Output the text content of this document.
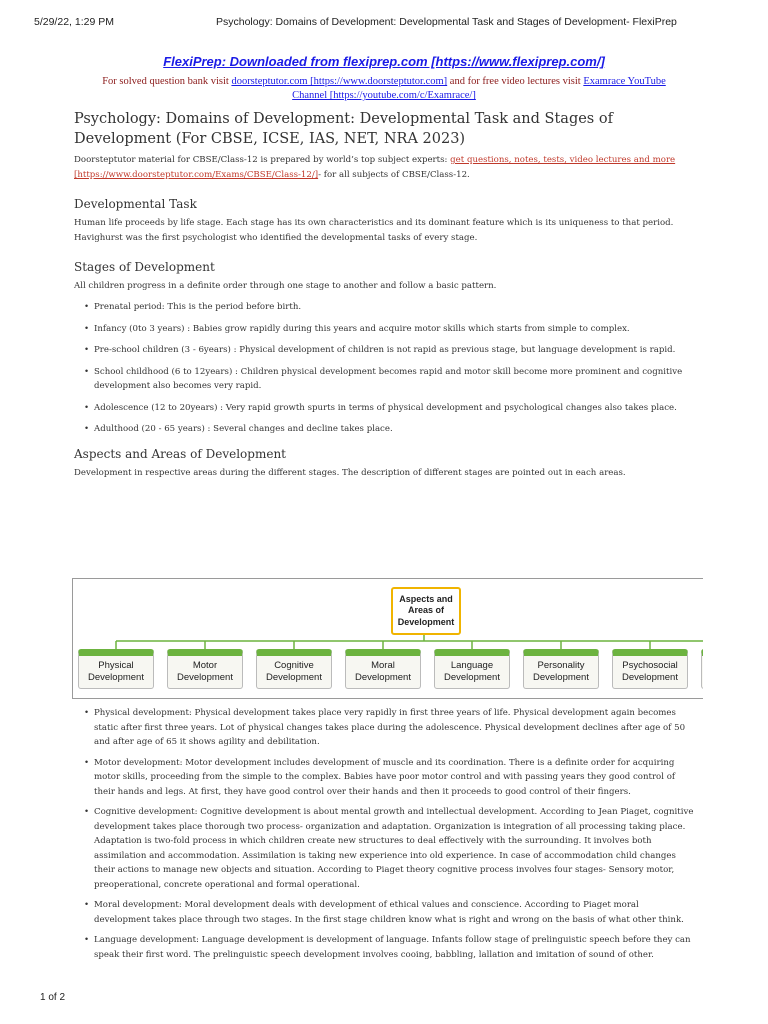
5/29/22, 1:29 PM	Psychology: Domains of Development: Developmental Task and Stages of Development- FlexiPrep
FlexiPrep: Downloaded from flexiprep.com [https://www.flexiprep.com/]
For solved question bank visit doorsteptutor.com [https://www.doorsteptutor.com] and for free video lectures visit Examrace YouTube
Channel [https://youtube.com/c/Examrace/]
Psychology: Domains of Development: Developmental Task and Stages of Development (For CBSE, ICSE, IAS, NET, NRA 2023)

Doorsteptutor material for CBSE/Class-12 is prepared by world’s top subject experts: get questions, notes, tests, video lectures and more
[https://www.doorsteptutor.com/Exams/CBSE/Class-12/]- for all subjects of CBSE/Class-12.

Developmental Task

Human life proceeds by life stage. Each stage has its own characteristics and its dominant feature which is its uniqueness to that period. Havighurst was the first psychologist who identified the developmental tasks of every stage.

Stages of Development

All children progress in a definite order through one stage to another and follow a basic pattern.

• Prenatal period: This is the period before birth.
• Infancy (0to 3 years) : Babies grow rapidly during this years and acquire motor skills which starts from simple to complex.
• Pre-school children (3 - 6years) : Physical development of children is not rapid as previous stage, but language development is rapid.
• School childhood (6 to 12years) : Children physical development becomes rapid and motor skill become more prominent and cognitive development also becomes very rapid.
• Adolescence (12 to 20years) : Very rapid growth spurts in terms of physical development and psychological changes also takes place.
• Adulthood (20 - 65 years) : Several changes and decline takes place.
Aspects and Areas of Development

Development in respective areas during the different stages. The description of different stages are pointed out in each areas.

Aspects and
Areas of
Development
Physical
Development
Motor
Development
Cognitive
Development
Moral
Development
Language
Development
Personality
Development
Psychosocial
Development
• Physical development: Physical development takes place very rapidly in first three years of life. Physical development again becomes static after first three years. Lot of physical changes takes place during the adolescence. Physical development declines after age of 50 and after age of 65 it shows agility and debilitation.
• Motor development: Motor development includes development of muscle and its coordination. There is a definite order for acquiring motor skills, proceeding from the simple to the complex. Babies have poor motor control and with passing years they good control of their hands and legs. At first, they have good control over their hands and then it proceeds to good control of their fingers.
• Cognitive development: Cognitive development is about mental growth and intellectual development. According to Jean Piaget, cognitive development takes place thorough two process- organization and adaptation. Organization is integration of all processing taking place. Adaptation is two-fold process in which children create new structures to deal effectively with the surrounding. It involves both assimilation and accommodation. Assimilation is taking new experience into old experience. In case of accommodation child changes their actions to manage new objects and situation. According to Piaget theory cognitive process involves four stages- Sensory motor, preoperational, concrete operational and formal operational.
• Moral development: Moral development deals with development of ethical values and conscience. According to Piaget moral development takes place through two stages. In the first stage children know what is right and wrong on the basis of what other think.
• Language development: Language development is development of language. Infants follow stage of prelinguistic speech before they can speak their first word. The prelinguistic speech development involves cooing, babbling, lallation and imitation of sound of other.
1 of 2
